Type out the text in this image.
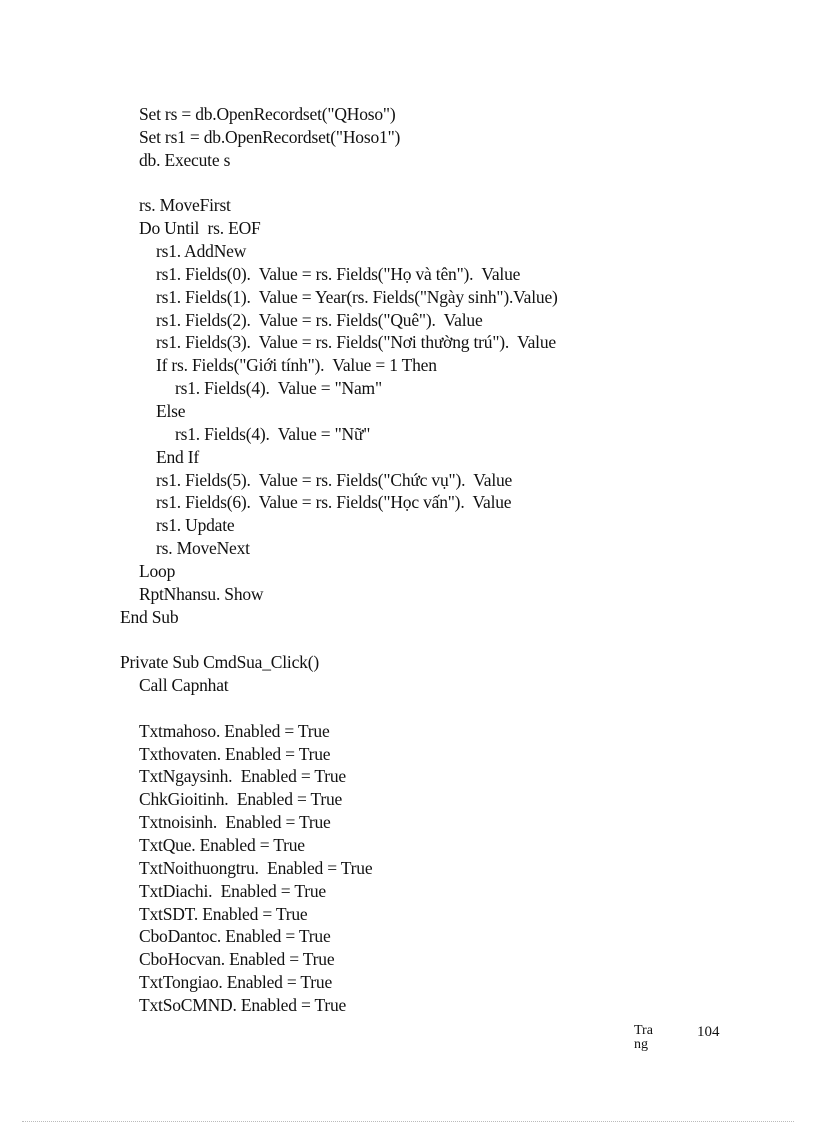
Set rs = db.OpenRecordset("QHoso")
Set rs1 = db.OpenRecordset("Hoso1")
db. Execute s
rs. MoveFirst
Do Until  rs. EOF
rs1. AddNew
rs1. Fields(0).  Value = rs. Fields("Họ và tên").  Value
rs1. Fields(1).  Value = Year(rs. Fields("Ngày sinh").Value)
rs1. Fields(2).  Value = rs. Fields("Quê").  Value
rs1. Fields(3).  Value = rs. Fields("Nơi thường trú").  Value
If rs. Fields("Giới tính").  Value = 1 Then
rs1. Fields(4).  Value = "Nam"
Else
rs1. Fields(4).  Value = "Nữ"
End If
rs1. Fields(5).  Value = rs. Fields("Chức vụ").  Value
rs1. Fields(6).  Value = rs. Fields("Học vấn").  Value
rs1. Update
rs. MoveNext
Loop
RptNhansu. Show
End Sub
Private Sub CmdSua_Click()
Call Capnhat
Txtmahoso. Enabled = True
Txthovaten. Enabled = True
TxtNgaysinh.  Enabled = True
ChkGioitinh.  Enabled = True
Txtnoisinh.  Enabled = True
TxtQue. Enabled = True
TxtNoithuongtru.  Enabled = True
TxtDiachi.  Enabled = True
TxtSDT. Enabled = True
CboDantoc. Enabled = True
CboHocvan. Enabled = True
TxtTongiao. Enabled = True
TxtSoCMND. Enabled = True
Trang
104
